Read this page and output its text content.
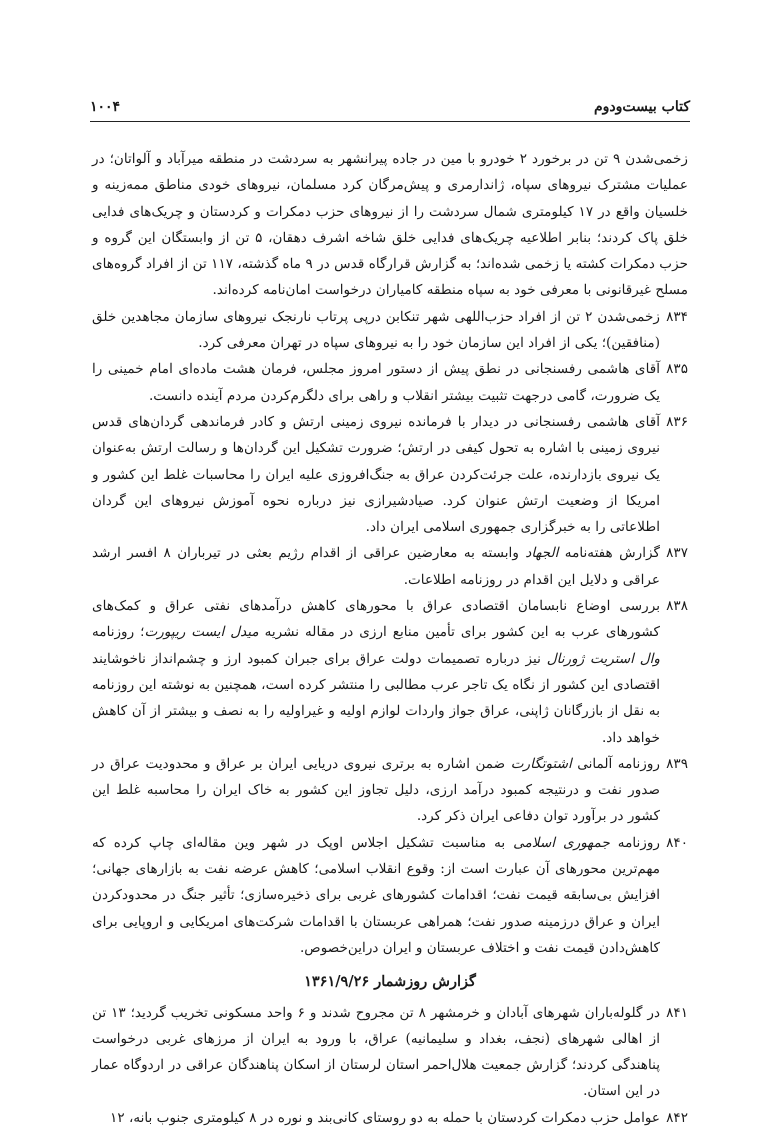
کتاب بیست‌ودوم
۱۰۰۴

زخمی‌شدن ۹ تن در برخورد ۲ خودرو با مین در جاده پیرانشهر به سردشت در منطقه میرآباد و آلواتان؛ در عملیات مشترک نیروهای سپاه، ژاندارمری و پیش‌مرگان کرد مسلمان، نیروهای خودی مناطق ممه‌زینه و خلسیان واقع در ۱۷ کیلومتری شمال سردشت را از نیروهای حزب دمکرات و کردستان و چریک‌های فدایی خلق پاک کردند؛ بنابر اطلاعیه چریک‌های فدایی خلق شاخه اشرف دهقان، ۵ تن از وابستگان این گروه و حزب دمکرات کشته یا زخمی شده‌اند؛ به گزارش قرارگاه قدس در ۹ ماه گذشته، ۱۱۷ تن از افراد گروه‌های مسلح غیرقانونی با معرفی خود به سپاه منطقه کامیاران درخواست امان‌نامه کرده‌اند.

۸۳۴زخمی‌شدن ۲ تن از افراد حزب‌اللهی شهر تنکابن درپی پرتاب نارنجک نیروهای سازمان مجاهدین خلق (منافقین)؛ یکی از افراد این سازمان خود را به نیروهای سپاه در تهران معرفی کرد.

۸۳۵آقای هاشمی رفسنجانی در نطق پیش از دستور امروز مجلس، فرمان هشت ماده‌ای امام خمینی را یک ضرورت، گامی درجهت تثبیت بیشتر انقلاب و راهی برای دلگرم‌کردن مردم آینده دانست.

۸۳۶آقای هاشمی رفسنجانی در دیدار با فرمانده نیروی زمینی ارتش و کادر فرماندهی گردان‌های قدس نیروی زمینی با اشاره به تحول کیفی در ارتش؛ ضرورت تشکیل این گردان‌ها و رسالت ارتش به‌عنوان یک نیروی بازدارنده، علت جرئت‌کردن عراق به جنگ‌افروزی علیه ایران را محاسبات غلط این کشور و امریکا از وضعیت ارتش عنوان کرد. صیادشیرازی نیز درباره نحوه آموزش نیروهای این گردان اطلاعاتی را به خبرگزاری جمهوری اسلامی ایران داد.

۸۳۷گزارش هفته‌نامه الجهاد وابسته به معارضین عراقی از اقدام رژیم بعثی در تیرباران ۸ افسر ارشد عراقی و دلایل این اقدام در روزنامه اطلاعات.

۸۳۸بررسی اوضاع نابسامان اقتصادی عراق با محورهای کاهش درآمدهای نفتی عراق و کمک‌های کشورهای عرب به این کشور برای تأمین منابع ارزی در مقاله نشریه میدل ایست ریپورت؛ روزنامه وال استریت ژورنال نیز درباره تصمیمات دولت عراق برای جبران کمبود ارز و چشم‌انداز ناخوشایند اقتصادی این کشور از نگاه یک تاجر عرب مطالبی را منتشر کرده است، همچنین به نوشته این روزنامه به نقل از بازرگانان ژاپنی، عراق جواز واردات لوازم اولیه و غیراولیه را به نصف و بیشتر از آن کاهش خواهد داد.

۸۳۹روزنامه آلمانی اشتوتگارت ضمن اشاره به برتری نیروی دریایی ایران بر عراق و محدودیت عراق در صدور نفت و درنتیجه کمبود درآمد ارزی، دلیل تجاوز این کشور به خاک ایران را محاسبه غلط این کشور در برآورد توان دفاعی ایران ذکر کرد.

۸۴۰روزنامه جمهوری اسلامی به مناسبت تشکیل اجلاس اوپک در شهر وین مقاله‌ای چاپ کرده که مهم‌ترین محورهای آن عبارت است از: وقوع انقلاب اسلامی؛ کاهش عرضه نفت به بازارهای جهانی؛ افزایش بی‌سابقه قیمت نفت؛ اقدامات کشورهای غربی برای ذخیره‌سازی؛ تأثیر جنگ در محدودکردن ایران و عراق درزمینه صدور نفت؛ همراهی عربستان با اقدامات شرکت‌های امریکایی و اروپایی برای کاهش‌دادن قیمت نفت و اختلاف عربستان و ایران دراین‌خصوص.

گزارش روزشمار ۱۳۶۱/۹/۲۶

۸۴۱در گلوله‌باران شهرهای آبادان و خرمشهر ۸ تن مجروح شدند و ۶ واحد مسکونی تخریب گردید؛ ۱۳ تن از اهالی شهرهای (نجف، بغداد و سلیمانیه) عراق، با ورود به ایران از مرزهای غربی درخواست پناهندگی کردند؛ گزارش جمعیت هلال‌احمر استان لرستان از اسکان پناهندگان عراقی در اردوگاه عمار در این استان.

۸۴۲عوامل حزب دمکرات کردستان با حمله به دو روستای کانی‌بند و نوره در ۸ کیلومتری جنوب بانه، ۱۲
